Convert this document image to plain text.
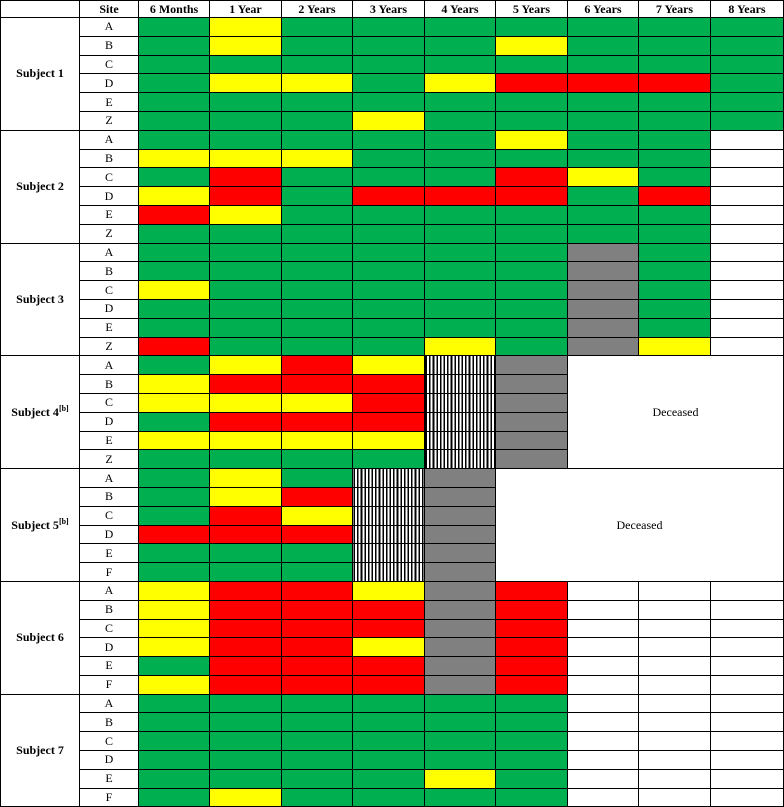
	Site	6 Months	1 Year	2 Years	3 Years	4 Years	5 Years	6 Years	7 Years	8 Years
Subject 1	A									
	B									
	C									
	D									
	E									
	Z									
Subject 2	A									
	B									
	C									
	D									
	E									
	Z									
Subject 3	A									
	B									
	C									
	D									
	E									
	Z									
Subject 4[b]	A							Deceased		
	B									
	C									
	D									
	E									
	Z									
Subject 5[b]	A						Deceased			
	B									
	C									
	D									
	E									
	F									
Subject 6	A									
	B									
	C									
	D									
	E									
	F									
Subject 7	A									
	B									
	C									
	D									
	E									
	F									
